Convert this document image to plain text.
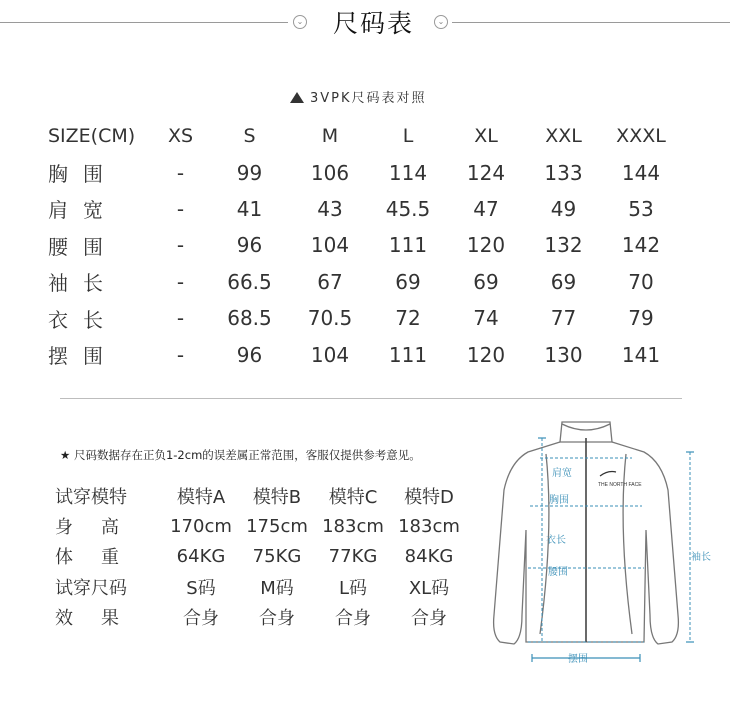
⌄ 尺码表	⌄
3VPK尺码表对照
SIZE(CM)	XS	S	M	L	XL	XXL	XXXL
胸 围	-	99	106	114	124	133	144
肩 宽	-	41	43	45.5	47	49	53
腰 围	-	96	104	111	120	132	142
袖 长	-	66.5	67	69	69	69	70
衣 长	-	68.5	70.5	72	74	77	79
摆 围	-	96	104	111	120	130	141
★ 尺码数据存在正负1-2cm的误差属正常范围，客服仅提供参考意见。
试穿模特	模特A	模特B	模特C	模特D
身 高	170cm	175cm	183cm	183cm
体 重	64KG	75KG	77KG	84KG
试穿尺码	S码	M码	L码	XL码
效 果	合身	合身	合身	合身
THE NORTH FACE
肩宽
胸围
衣长
腰围
袖长
摆围
